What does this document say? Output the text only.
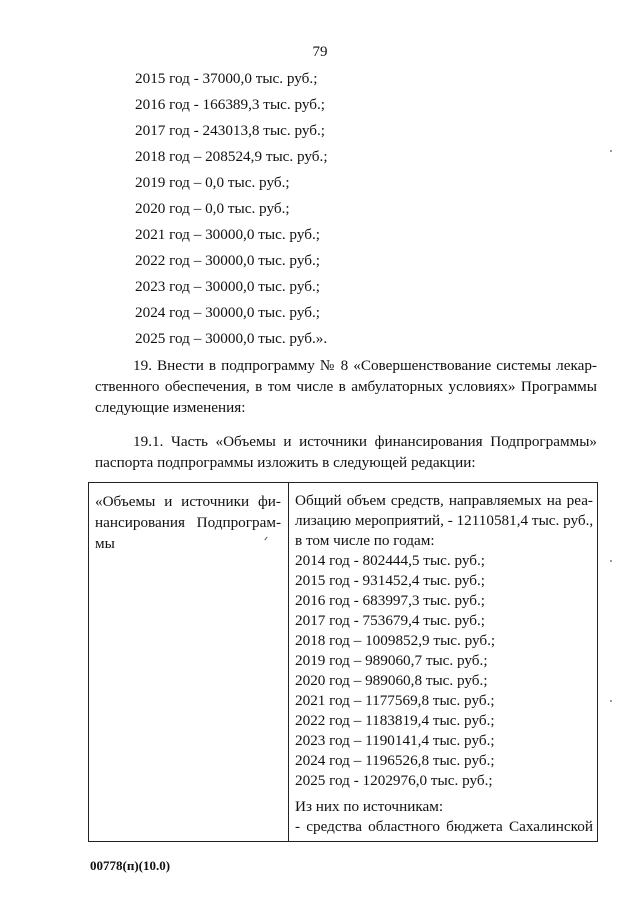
79
2015 год - 37000,0 тыс. руб.;
2016 год - 166389,3 тыс. руб.;
2017 год - 243013,8 тыс. руб.;
2018 год – 208524,9 тыс. руб.;
2019 год – 0,0 тыс. руб.;
2020 год – 0,0 тыс. руб.;
2021 год – 30000,0 тыс. руб.;
2022 год – 30000,0 тыс. руб.;
2023 год – 30000,0 тыс. руб.;
2024 год – 30000,0 тыс. руб.;
2025 год – 30000,0 тыс. руб.».
19. Внести в подпрограмму № 8 «Совершенствование системы лекар-
ственного обеспечения, в том числе в амбулаторных условиях» Программы
следующие изменения:
19.1. Часть «Объемы и источники финансирования Подпрограммы»
паспорта подпрограммы изложить в следующей редакции:
«Объемы и источники фи-
нансирования Подпрограм-
мы
Общий объем средств, направляемых на реа-
лизацию мероприятий, - 12110581,4 тыс. руб.,
в том числе по годам:
2014 год - 802444,5 тыс. руб.;
2015 год - 931452,4 тыс. руб.;
2016 год - 683997,3 тыс. руб.;
2017 год - 753679,4 тыс. руб.;
2018 год – 1009852,9 тыс. руб.;
2019 год – 989060,7 тыс. руб.;
2020 год – 989060,8 тыс. руб.;
2021 год – 1177569,8 тыс. руб.;
2022 год – 1183819,4 тыс. руб.;
2023 год – 1190141,4 тыс. руб.;
2024 год – 1196526,8 тыс. руб.;
2025 год - 1202976,0 тыс. руб.;
Из них по источникам:
- средства областного бюджета Сахалинской
00778(п)(10.0)
